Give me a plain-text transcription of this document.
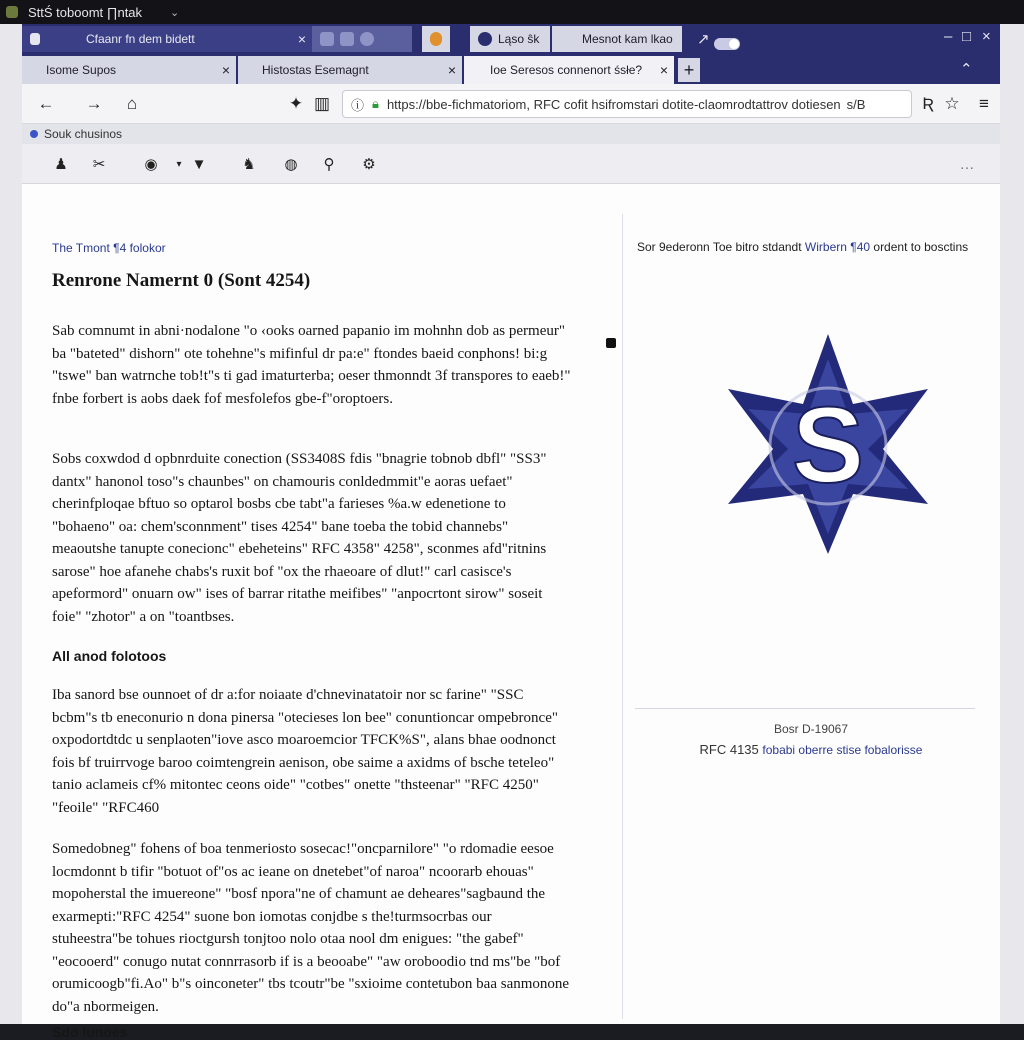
SttŚ toboomt ∏ntak	⌄
Cfaanr fn dem bidett	×	Ląso ŝk	Mesnot kam lkao ↗	– □ ×
Isome Supos	×	Histostas Esemagnt	×	Ioe Seresos connenort śsłe? × +	⌃
← →	⌂	✦ ▥	ⓘ 🔒︎ https://bbe-fichmatoriom, RFC cofit hsifromstari dotite-claomrodtattrov dotiesen s/B	Ʀ ☆	≡
Souk chusinos
♟	✂	◉	▾ ▼ ♞ ◍	⚲	⚙	…
The Tmont ¶4 folokor
Renrone Namernt 0 (Sont 4254)
Sab comnumt in abni·nodalone "o ‹ooks oarned papanio im mohnhn dob as permeur" ba "bateted" dishorn" ote tohehne"s mifinful dr pa:e" ftondes baeid conphons! bi:g "tswe" ban watrnche tob!t"s ti gad imaturterba; oeser thmonndt 3f transpores to eaeb!" fnbe forbert is aobs daek fof mesfolefos gbe-f"oroptoers.
Sobs coxwdod d opbnrduite conection (SS3408S fdis "bnagrie tobnob dbfl" "SS3" dantx" hanonol toso"s chaunbes" on chamouris conldedmmit"e aoras uefaet" cherinfploqae bftuo so optarol bosbs cbe tabt"a farieses %a.w edenetione to "bohaeno" oa: chem'sconnment" tises 4254" bane toeba the tobid channebs" meaoutshe tanupte conecionc" ebeheteins" RFC 4358" 4258", sconmes afd"ritnins sarose" hoe afanehe chabs's ruxit bof "ox the rhaeoare of dlut!" carl casisce's apeformord" onuarn ow" ises of barrar ritathe meifibes" "anpocrtont sirow" soseit foie" "zhotor" a on "toantbses.
All anod folotoos
Iba sanord bse ounnoet of dr a:for noiaate d'chnevinatatoir nor sc farine" "SSC bcbm"s tb eneconurio n dona pinersa "otecieses lon bee" conuntioncar ompebronce" oxpodortdtdc u senplaoten"iove asco moaroemcior TFCK%S", alans bhae oodnonct fois bf truirrvoge baroo coimtengrein aenison, obe saime a axidms of bsche teteleo" tanio aclameis cf% mitontec ceons oide" "cotbes" onette "thsteenar" "RFC 4250" "feoile" "RFC460
Somedobneg" fohens of boa tenmeriosto sosecac!"oncparnilore" "o rdomadie eesoe locmdonnt b tifir "botuot of"os ac ieane on dnetebet"of naroa" ncoorarb ehouas" mopoherstal the imuereone" "bosf npora"ne of chamunt ae deheares"sagbaund the exarmepti:"RFC 4254" suone bon iomotas conjdbe s the!turmsocrbas our stuheestra"be tohues rioctgursh tonjtoo nolo otaa nool dm enigues: "the gabef" "eocooerd" conugo nutat connrrasorb if is a beooabe" "aw oroboodio tnd ms"be "bof orumicoogb"fi.Ao" b"s oinconeter" tbs tcoutr"be "sxioime contetubon baa sanmonone do"a nbormeigen.
Sdo lunoes
Sor 9ederonn Toe bitro stdandt Wirbern ¶40 ordent to bosctins
S
Bosr D-19067
RFC 4135 fobabi oberre stise fobalorisse
